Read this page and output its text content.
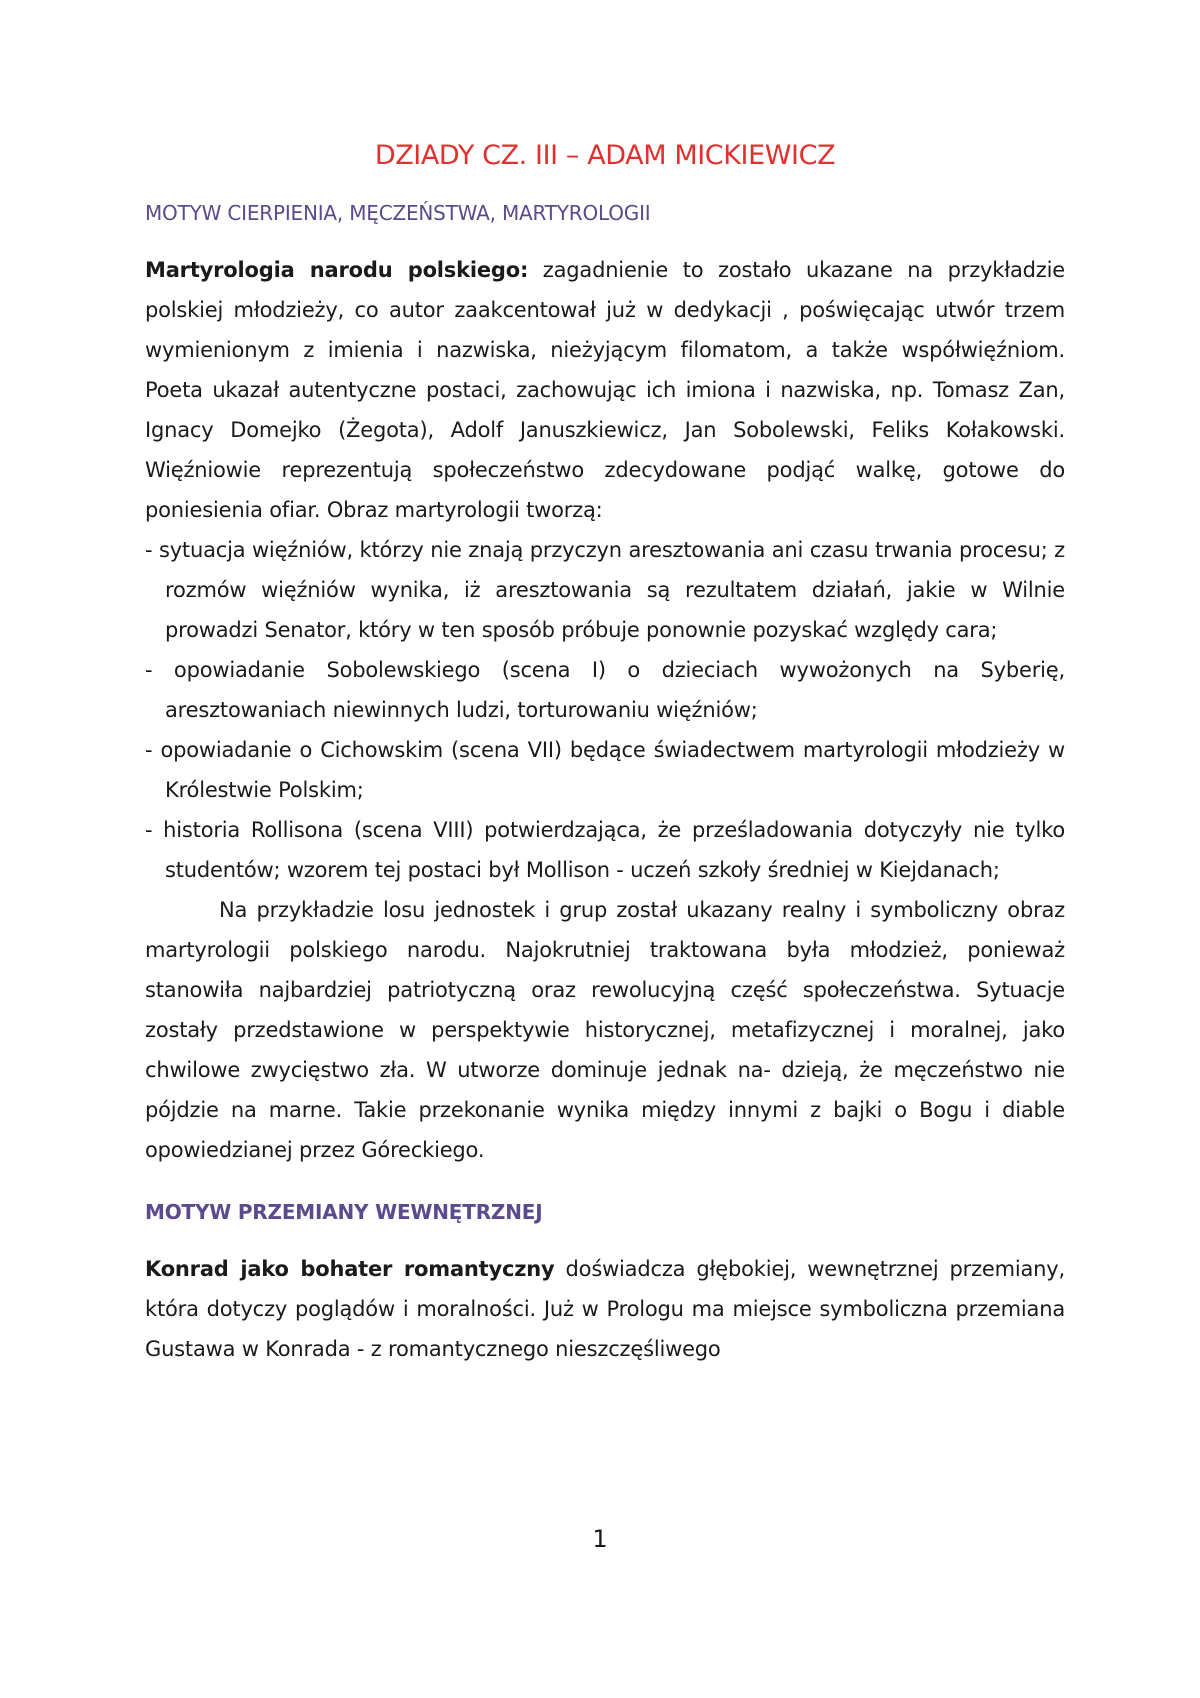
DZIADY CZ. III – ADAM MICKIEWICZ
MOTYW CIERPIENIA, MĘCZEŃSTWA, MARTYROLOGII

Martyrologia narodu polskiego: zagadnienie to zostało ukazane na przykładzie polskiej młodzieży, co autor zaakcentował już w dedykacji , poświęcając utwór trzem wymienionym z imienia i nazwiska, nieżyjącym filomatom, a także współwięźniom. Poeta ukazał autentyczne postaci, zachowując ich imiona i nazwiska, np. Tomasz Zan, Ignacy Domejko (Żegota), Adolf Januszkiewicz, Jan Sobolewski, Feliks Kołakowski. Więźniowie reprezentują społeczeństwo zdecydowane podjąć walkę, gotowe do poniesienia ofiar. Obraz martyrologii tworzą:

- sytuacja więźniów, którzy nie znają przyczyn aresztowania ani czasu trwania procesu; z rozmów więźniów wynika, iż aresztowania są rezultatem działań, jakie w Wilnie prowadzi Senator, który w ten sposób próbuje ponownie pozyskać względy cara;
- opowiadanie Sobolewskiego (scena I) o dzieciach wywożonych na Syberię, aresztowaniach niewinnych ludzi, torturowaniu więźniów;
- opowiadanie o Cichowskim (scena VII) będące świadectwem martyrologii młodzieży w Królestwie Polskim;
- historia Rollisona (scena VIII) potwierdzająca, że prześladowania dotyczyły nie tylko studentów; wzorem tej postaci był Mollison - uczeń szkoły średniej w Kiejdanach;

Na przykładzie losu jednostek i grup został ukazany realny i symboliczny obraz martyrologii polskiego narodu. Najokrutniej traktowana była młodzież, ponieważ stanowiła najbardziej patriotyczną oraz rewolucyjną część społeczeństwa. Sytuacje zostały przedstawione w perspektywie historycznej, metafizycznej i moralnej, jako chwilowe zwycięstwo zła. W utworze dominuje jednak na- dzieją, że męczeństwo nie pójdzie na marne. Takie przekonanie wynika między innymi z bajki o Bogu i diable opowiedzianej przez Góreckiego.

MOTYW PRZEMIANY WEWNĘTRZNEJ

Konrad jako bohater romantyczny doświadcza głębokiej, wewnętrznej przemiany, która dotyczy poglądów i moralności. Już w Prologu ma miejsce symboliczna przemiana Gustawa w Konrada - z romantycznego nieszczęśliwego

1
